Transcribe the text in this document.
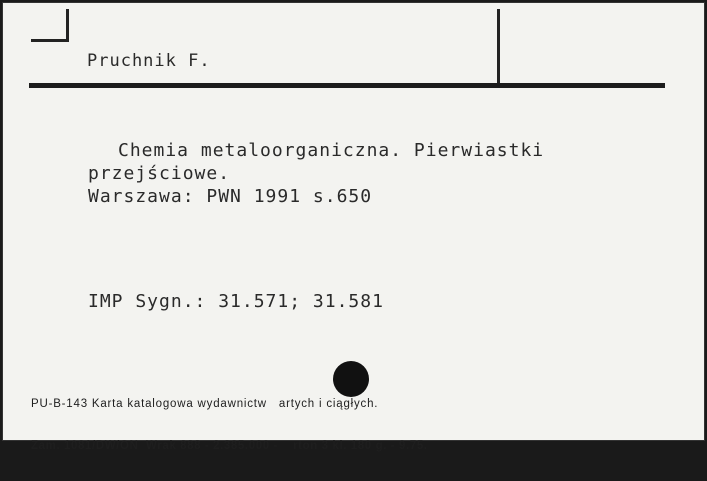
Pruchnik F.
Chemia metaloorganiczna. Pierwiastki
przejściowe.
Warszawa: PWN 1991 s.650
IMP Sygn.: 31.571; 31.581

PU-B-143 Karta katalogowa wydawnictw   artych i ciągłych.

Zam. 1081/DW/ON  Wrak 888 - 2.385.000 -    rton 3 kl. 180 g. - 9.75.
